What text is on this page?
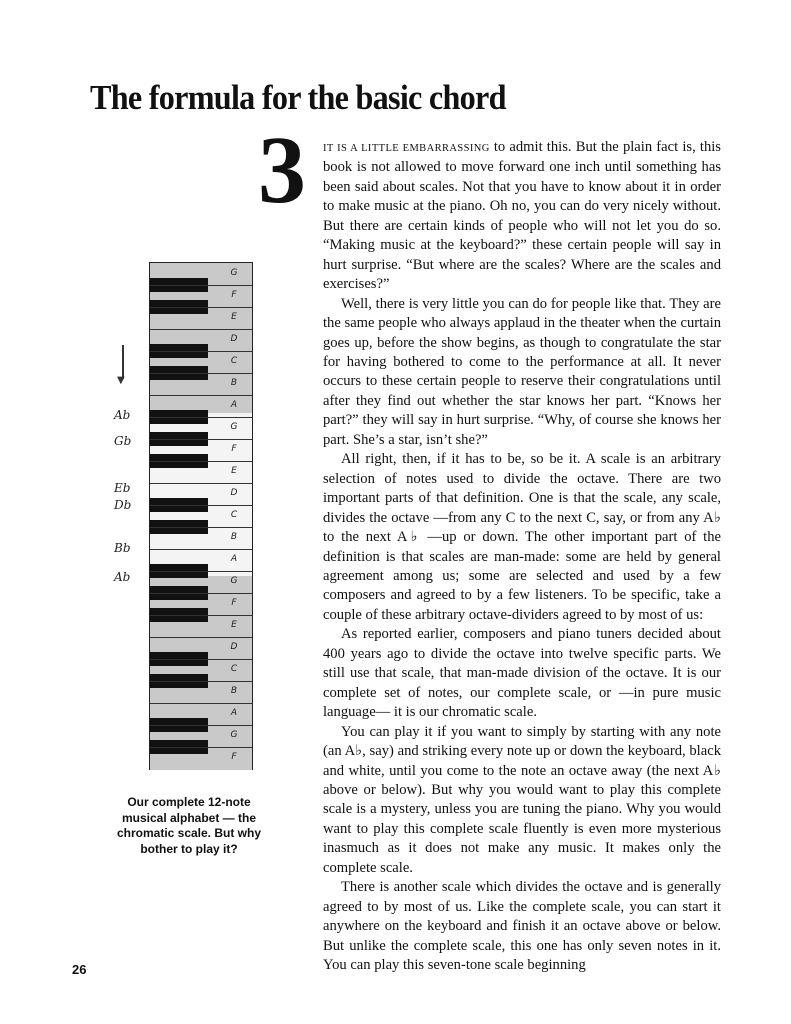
The formula for the basic chord
3	IT IS A LITTLE EMBARRASSING to admit this. But the plain fact is, this book is not allowed to move forward one inch until something has been said about scales. Not that you have to know about it in order to make music at the piano. Oh no, you can do very nicely without. But there are certain kinds of people who will not let you do so. “Making music at the keyboard?” these certain people will say in hurt surprise. “But where are the scales? Where are the scales and exercises?”

Well, there is very little you can do for people like that. They are the same people who always applaud in the theater when the curtain goes up, before the show begins, as though to congratulate the star for having bothered to come to the performance at all. It never occurs to these certain people to reserve their congratulations until after they find out whether the star knows her part. “Knows her part?” they will say in hurt surprise. “Why, of course she knows her part. She’s a star, isn’t she?”

All right, then, if it has to be, so be it. A scale is an arbitrary selection of notes used to divide the octave. There are two important parts of that definition. One is that the scale, any scale, divides the octave —from any C to the next C, say, or from any A♭ to the next A♭ —up or down. The other important part of the definition is that scales are man-made: some are held by general agreement among us; some are selected and used by a few composers and agreed to by a few listeners. To be specific, take a couple of these arbitrary octave-dividers agreed to by most of us:

As reported earlier, composers and piano tuners decided about 400 years ago to divide the octave into twelve specific parts. We still use that scale, that man-made division of the octave. It is our complete set of notes, our complete scale, or —in pure music language— it is our chromatic scale.

You can play it if you want to simply by starting with any note (an A♭, say) and striking every note up or down the keyboard, black and white, until you come to the note an octave away (the next A♭ above or below). But why you would want to play this complete scale is a mystery, unless you are tuning the piano. Why you would want to play this complete scale fluently is even more mysterious inasmuch as it does not make any music. It makes only the complete scale.

There is another scale which divides the octave and is generally agreed to by most of us. Like the complete scale, you can start it anywhere on the keyboard and finish it an octave above or below. But unlike the complete scale, this one has only seven notes in it. You can play this seven-tone scale beginning

G
F
E
D
C
B
A
G
F
E
D
C
B
A
G
F
E
D
C
B
A
G
F
▼
Ab
Gb
Eb
Db
Bb
Ab
Our complete 12-note musical alphabet — the chromatic scale. But why bother to play it?
26
